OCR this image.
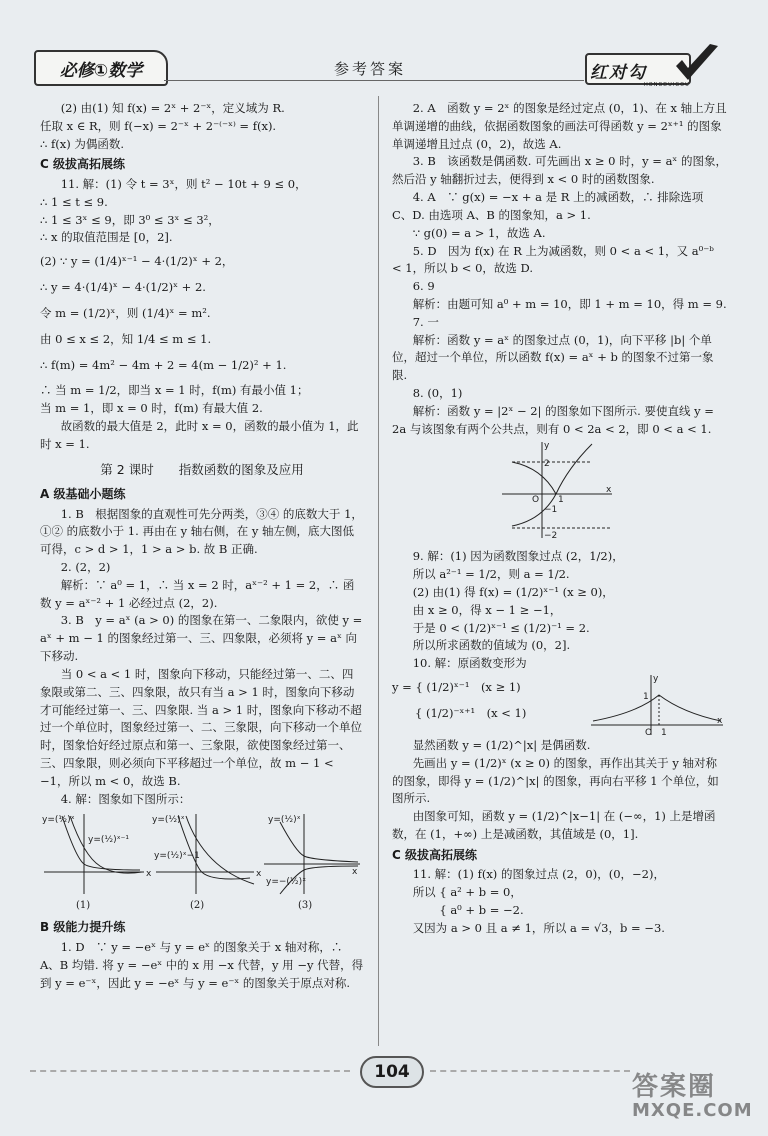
必修①数学	参考答案	红对勾
HONGDUIGOU

(2) 由(1) 知 f(x) = 2ˣ + 2⁻ˣ，定义域为 R.

任取 x ∈ R，则 f(−x) = 2⁻ˣ + 2⁻⁽⁻ˣ⁾ = f(x).

∴ f(x) 为偶函数.

C 级拔高拓展练

11. 解：(1) 令 t = 3ˣ，则 t² − 10t + 9 ≤ 0，

∴ 1 ≤ t ≤ 9.

∴ 1 ≤ 3ˣ ≤ 9，即 3⁰ ≤ 3ˣ ≤ 3²，

∴ x 的取值范围是 [0，2].

(2) ∵ y = (1/4)ˣ⁻¹ − 4·(1/2)ˣ + 2，

∴ y = 4·(1/4)ˣ − 4·(1/2)ˣ + 2.

令 m = (1/2)ˣ，则 (1/4)ˣ = m².

由 0 ≤ x ≤ 2，知 1/4 ≤ m ≤ 1.

∴ f(m) = 4m² − 4m + 2 = 4(m − 1/2)² + 1.

∴ 当 m = 1/2，即当 x = 1 时，f(m) 有最小值 1；

当 m = 1，即 x = 0 时，f(m) 有最大值 2.

故函数的最大值是 2，此时 x = 0，函数的最小值为 1，此时 x = 1.

第 2 课时　　指数函数的图象及应用
A 级基础小题练

1. B　根据图象的直观性可先分两类，③④ 的底数大于 1，①② 的底数小于 1. 再由在 y 轴右侧，在 y 轴左侧，底大图低可得，c > d > 1，1 > a > b. 故 B 正确.

2. (2，2)

解析：∵ a⁰ = 1，∴ 当 x = 2 时，aˣ⁻² + 1 = 2，∴ 函数 y = aˣ⁻² + 1 必经过点 (2，2).

3. B　y = aˣ (a > 0) 的图象在第一、二象限内，欲使 y = aˣ + m − 1 的图象经过第一、三、四象限，必须将 y = aˣ 向下移动.

当 0 < a < 1 时，图象向下移动，只能经过第一、二、四象限或第二、三、四象限，故只有当 a > 1 时，图象向下移动才可能经过第一、三、四象限. 当 a > 1 时，图象向下移动不超过一个单位时，图象经过第一、二、三象限，向下移动一个单位时，图象恰好经过原点和第一、三象限，欲使图象经过第一、三、四象限，则必须向下平移超过一个单位，故 m − 1 < −1，所以 m < 0，故选 B.

4. 解：图象如下图所示：

y=(½)ˣ
y=(½)ˣ⁻¹
y=(½)ˣ
y=(½)ˣ−1
y=(½)ˣ
y=−(½)ˣ
x	x	x
(1)	(2)	(3)
B 级能力提升练

1. D　∵ y = −eˣ 与 y = eˣ 的图象关于 x 轴对称，∴ A、B 均错. 将 y = −eˣ 中的 x 用 −x 代替，y 用 −y 代替，得到 y = e⁻ˣ，因此 y = −eˣ 与 y = e⁻ˣ 的图象关于原点对称.

2. A　函数 y = 2ˣ 的图象是经过定点 (0，1)、在 x 轴上方且单调递增的曲线，依据函数图象的画法可得函数 y = 2ˣ⁺¹ 的图象单调递增且过点 (0，2)，故选 A.

3. B　该函数是偶函数. 可先画出 x ≥ 0 时，y = aˣ 的图象，然后沿 y 轴翻折过去，便得到 x < 0 时的函数图象.

4. A　∵ g(x) = −x + a 是 R 上的减函数，∴ 排除选项 C、D. 由选项 A、B 的图象知，a > 1.

∵ g(0) = a > 1，故选 A.

5. D　因为 f(x) 在 R 上为减函数，则 0 < a < 1，又 a⁰⁻ᵇ < 1，所以 b < 0，故选 D.

6. 9

解析：由题可知 a⁰ + m = 10，即 1 + m = 10，得 m = 9.

7. 一

解析：函数 y = aˣ 的图象过点 (0，1)，向下平移 |b| 个单位，超过一个单位，所以函数 f(x) = aˣ + b 的图象不过第一象限.

8. (0，1)

解析：函数 y = |2ˣ − 2| 的图象如下图所示. 要使直线 y = 2a 与该图象有两个公共点，则有 0 < 2a < 2，即 0 < a < 1.

y
x
O 1
2
−1
−2

9. 解：(1) 因为函数图象过点 (2，1/2)，

所以 a²⁻¹ = 1/2，则 a = 1/2.

(2) 由(1) 得 f(x) = (1/2)ˣ⁻¹ (x ≥ 0)，

由 x ≥ 0，得 x − 1 ≥ −1，

于是 0 < (1/2)ˣ⁻¹ ≤ (1/2)⁻¹ = 2.

所以所求函数的值域为 (0，2].

10. 解：原函数变形为

y = { (1/2)ˣ⁻¹　(x ≥ 1)

　　{ (1/2)⁻ˣ⁺¹　(x < 1)

y
x
O 1
1

显然函数 y = (1/2)^|x| 是偶函数.

先画出 y = (1/2)ˣ (x ≥ 0) 的图象，再作出其关于 y 轴对称的图象，即得 y = (1/2)^|x| 的图象，再向右平移 1 个单位，如图所示.

由图象可知，函数 y = (1/2)^|x−1| 在 (−∞，1) 上是增函数，在 (1，+∞) 上是减函数，其值域是 (0，1].

C 级拔高拓展练

11. 解：(1) f(x) 的图象过点 (2，0)，(0，−2)，

所以 { a² + b = 0，

　　 { a⁰ + b = −2.

又因为 a > 0 且 a ≠ 1，所以 a = √3，b = −3.

104	答案圈
MXQE.COM
